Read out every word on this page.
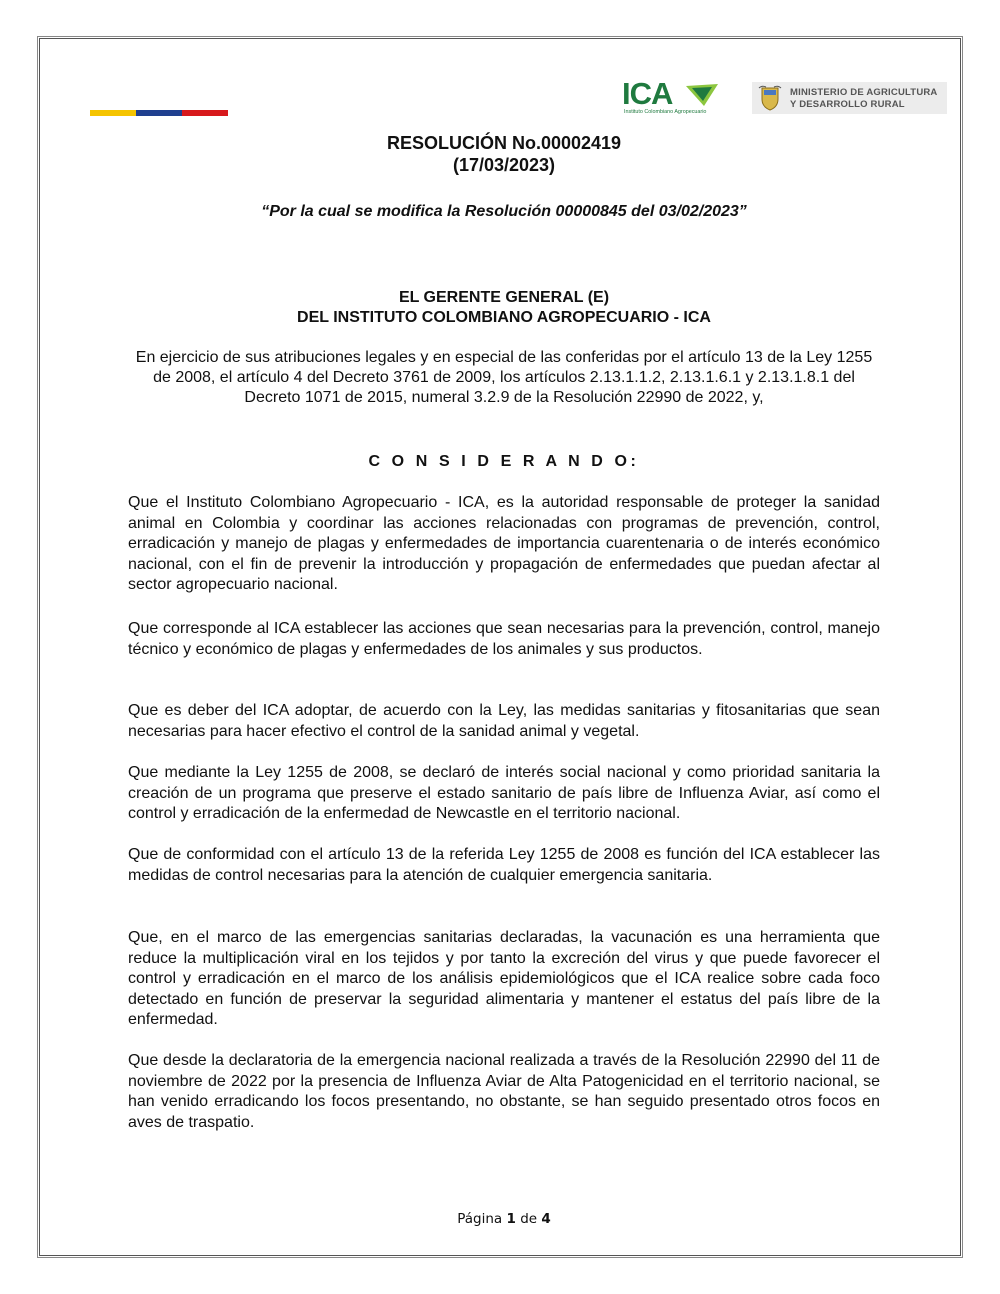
ICA
Instituto Colombiano Agropecuario
MINISTERIO DE AGRICULTURA
Y DESARROLLO RURAL
RESOLUCIÓN No.00002419
(17/03/2023)
“Por la cual se modifica la Resolución 00000845 del 03/02/2023”
EL GERENTE GENERAL (E)
DEL INSTITUTO COLOMBIANO AGROPECUARIO - ICA
En ejercicio de sus atribuciones legales y en especial de las conferidas por el artículo 13 de la Ley 1255 de 2008, el artículo 4 del Decreto 3761 de 2009, los artículos 2.13.1.1.2, 2.13.1.6.1 y 2.13.1.8.1 del Decreto 1071 de 2015, numeral 3.2.9 de la Resolución 22990 de 2022, y,
C O N S I D E R A N D O:
Que el Instituto Colombiano Agropecuario - ICA, es la autoridad responsable de proteger la sanidad animal en Colombia y coordinar las acciones relacionadas con programas de prevención, control, erradicación y manejo de plagas y enfermedades de importancia cuarentenaria o de interés económico nacional, con el fin de prevenir la introducción y propagación de enfermedades que puedan afectar al sector agropecuario nacional.
Que corresponde al ICA establecer las acciones que sean necesarias para la prevención, control, manejo técnico y económico de plagas y enfermedades de los animales y sus productos.
Que es deber del ICA adoptar, de acuerdo con la Ley, las medidas sanitarias y fitosanitarias que sean necesarias para hacer efectivo el control de la sanidad animal y vegetal.
Que mediante la Ley 1255 de 2008, se declaró de interés social nacional y como prioridad sanitaria la creación de un programa que preserve el estado sanitario de país libre de Influenza Aviar, así como el control y erradicación de la enfermedad de Newcastle en el territorio nacional.
Que de conformidad con el artículo 13 de la referida Ley 1255 de 2008 es función del ICA establecer las medidas de control necesarias para la atención de cualquier emergencia sanitaria.
Que, en el marco de las emergencias sanitarias declaradas, la vacunación es una herramienta que reduce la multiplicación viral en los tejidos y por tanto la excreción del virus y que puede favorecer el control y erradicación en el marco de los análisis epidemiológicos que el ICA realice sobre cada foco detectado en función de preservar la seguridad alimentaria y mantener el estatus del país libre de la enfermedad.
Que desde la declaratoria de la emergencia nacional realizada a través de la Resolución 22990 del 11 de noviembre de 2022 por la presencia de Influenza Aviar de Alta Patogenicidad en el territorio nacional, se han venido erradicando los focos presentando, no obstante, se han seguido presentado otros focos en aves de traspatio.
Página 1 de 4
